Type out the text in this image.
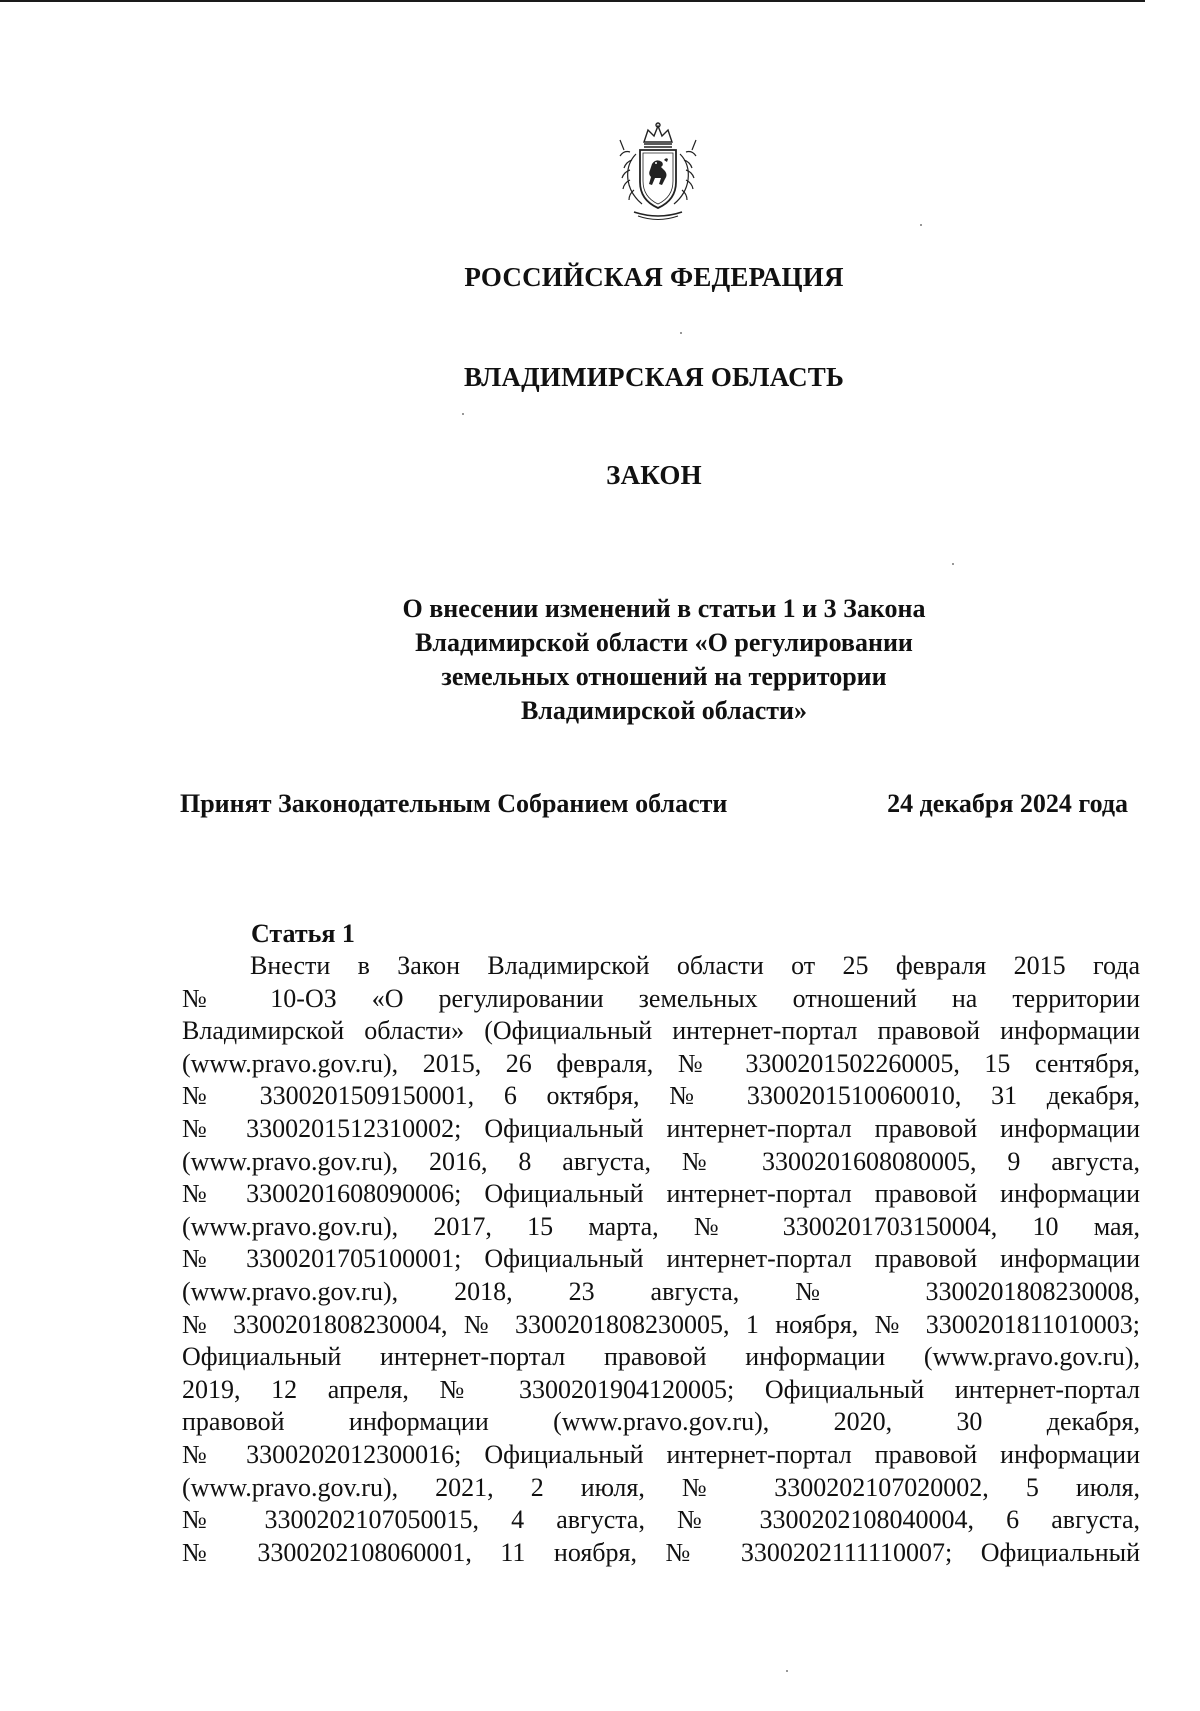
РОССИЙСКАЯ ФЕДЕРАЦИЯ

ВЛАДИМИРСКАЯ ОБЛАСТЬ

ЗАКОН

О внесении изменений в статьи 1 и 3 Закона
Владимирской области «О регулировании
земельных отношений на территории
Владимирской области»
Принят Законодательным Собранием области	24 декабря 2024 года

Статья 1

Внести в Закон Владимирской области от 25 февраля 2015 года
№ 10-ОЗ «О регулировании земельных отношений на территории
Владимирской области» (Официальный интернет-портал правовой информации
(www.pravo.gov.ru), 2015, 26 февраля, № 3300201502260005, 15 сентября,
№ 3300201509150001, 6 октября, № 3300201510060010, 31 декабря,
№ 3300201512310002; Официальный интернет-портал правовой информации
(www.pravo.gov.ru), 2016, 8 августа, № 3300201608080005, 9 августа,
№ 3300201608090006; Официальный интернет-портал правовой информации
(www.pravo.gov.ru), 2017, 15 марта, № 3300201703150004, 10 мая,
№ 3300201705100001; Официальный интернет-портал правовой информации
(www.pravo.gov.ru), 2018, 23 августа, № 3300201808230008,
№ 3300201808230004, № 3300201808230005, 1 ноября, № 3300201811010003;
Официальный интернет-портал правовой информации (www.pravo.gov.ru),
2019, 12 апреля, № 3300201904120005; Официальный интернет-портал
правовой информации (www.pravo.gov.ru), 2020, 30 декабря,
№ 3300202012300016; Официальный интернет-портал правовой информации
(www.pravo.gov.ru), 2021, 2 июля, № 3300202107020002, 5 июля,
№ 3300202107050015, 4 августа, № 3300202108040004, 6 августа,
№ 3300202108060001, 11 ноября, № 3300202111110007; Официальный
